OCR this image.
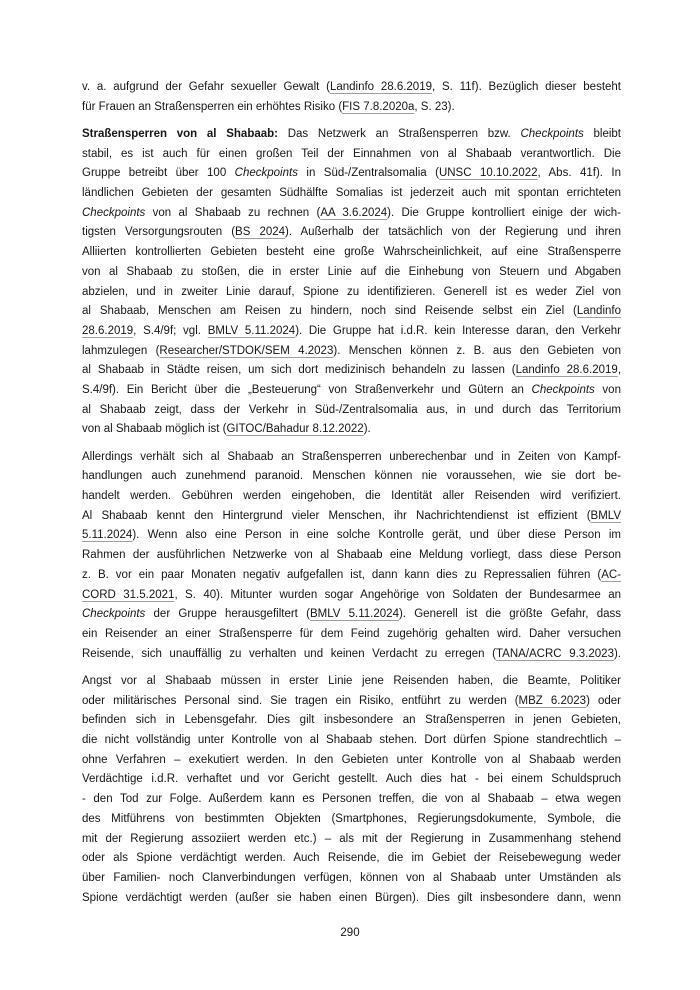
v. a. aufgrund der Gefahr sexueller Gewalt (Landinfo 28.6.2019, S. 11f). Bezüglich dieser besteht
für Frauen an Straßensperren ein erhöhtes Risiko (FIS 7.8.2020a, S. 23).
Straßensperren von al Shabaab: Das Netzwerk an Straßensperren bzw. Checkpoints bleibt
stabil, es ist auch für einen großen Teil der Einnahmen von al Shabaab verantwortlich. Die
Gruppe betreibt über 100 Checkpoints in Süd-/Zentralsomalia (UNSC 10.10.2022, Abs. 41f). In
ländlichen Gebieten der gesamten Südhälfte Somalias ist jederzeit auch mit spontan errichteten
Checkpoints von al Shabaab zu rechnen (AA 3.6.2024). Die Gruppe kontrolliert einige der wich-
tigsten Versorgungsrouten (BS 2024). Außerhalb der tatsächlich von der Regierung und ihren
Alliierten kontrollierten Gebieten besteht eine große Wahrscheinlichkeit, auf eine Straßensperre
von al Shabaab zu stoßen, die in erster Linie auf die Einhebung von Steuern und Abgaben
abzielen, und in zweiter Linie darauf, Spione zu identifizieren. Generell ist es weder Ziel von
al Shabaab, Menschen am Reisen zu hindern, noch sind Reisende selbst ein Ziel (Landinfo
28.6.2019, S.4/9f; vgl. BMLV 5.11.2024). Die Gruppe hat i.d.R. kein Interesse daran, den Verkehr
lahmzulegen (Researcher/STDOK/SEM 4.2023). Menschen können z. B. aus den Gebieten von
al Shabaab in Städte reisen, um sich dort medizinisch behandeln zu lassen (Landinfo 28.6.2019,
S.4/9f). Ein Bericht über die „Besteuerung“ von Straßenverkehr und Gütern an Checkpoints von
al Shabaab zeigt, dass der Verkehr in Süd-/Zentralsomalia aus, in und durch das Territorium
von al Shabaab möglich ist (GITOC/Bahadur 8.12.2022).
Allerdings verhält sich al Shabaab an Straßensperren unberechenbar und in Zeiten von Kampf-
handlungen auch zunehmend paranoid. Menschen können nie voraussehen, wie sie dort be-
handelt werden. Gebühren werden eingehoben, die Identität aller Reisenden wird verifiziert.
Al Shabaab kennt den Hintergrund vieler Menschen, ihr Nachrichtendienst ist effizient (BMLV
5.11.2024). Wenn also eine Person in eine solche Kontrolle gerät, und über diese Person im
Rahmen der ausführlichen Netzwerke von al Shabaab eine Meldung vorliegt, dass diese Person
z. B. vor ein paar Monaten negativ aufgefallen ist, dann kann dies zu Repressalien führen (AC-
CORD 31.5.2021, S. 40). Mitunter wurden sogar Angehörige von Soldaten der Bundesarmee an
Checkpoints der Gruppe herausgefiltert (BMLV 5.11.2024). Generell ist die größte Gefahr, dass
ein Reisender an einer Straßensperre für dem Feind zugehörig gehalten wird. Daher versuchen
Reisende, sich unauffällig zu verhalten und keinen Verdacht zu erregen (TANA/ACRC 9.3.2023).
Angst vor al Shabaab müssen in erster Linie jene Reisenden haben, die Beamte, Politiker
oder militärisches Personal sind. Sie tragen ein Risiko, entführt zu werden (MBZ 6.2023) oder
befinden sich in Lebensgefahr. Dies gilt insbesondere an Straßensperren in jenen Gebieten,
die nicht vollständig unter Kontrolle von al Shabaab stehen. Dort dürfen Spione standrechtlich –
ohne Verfahren – exekutiert werden. In den Gebieten unter Kontrolle von al Shabaab werden
Verdächtige i.d.R. verhaftet und vor Gericht gestellt. Auch dies hat - bei einem Schuldspruch
- den Tod zur Folge. Außerdem kann es Personen treffen, die von al Shabaab – etwa wegen
des Mitführens von bestimmten Objekten (Smartphones, Regierungsdokumente, Symbole, die
mit der Regierung assoziiert werden etc.) – als mit der Regierung in Zusammenhang stehend
oder als Spione verdächtigt werden. Auch Reisende, die im Gebiet der Reisebewegung weder
über Familien- noch Clanverbindungen verfügen, können von al Shabaab unter Umständen als
Spione verdächtigt werden (außer sie haben einen Bürgen). Dies gilt insbesondere dann, wenn
290
